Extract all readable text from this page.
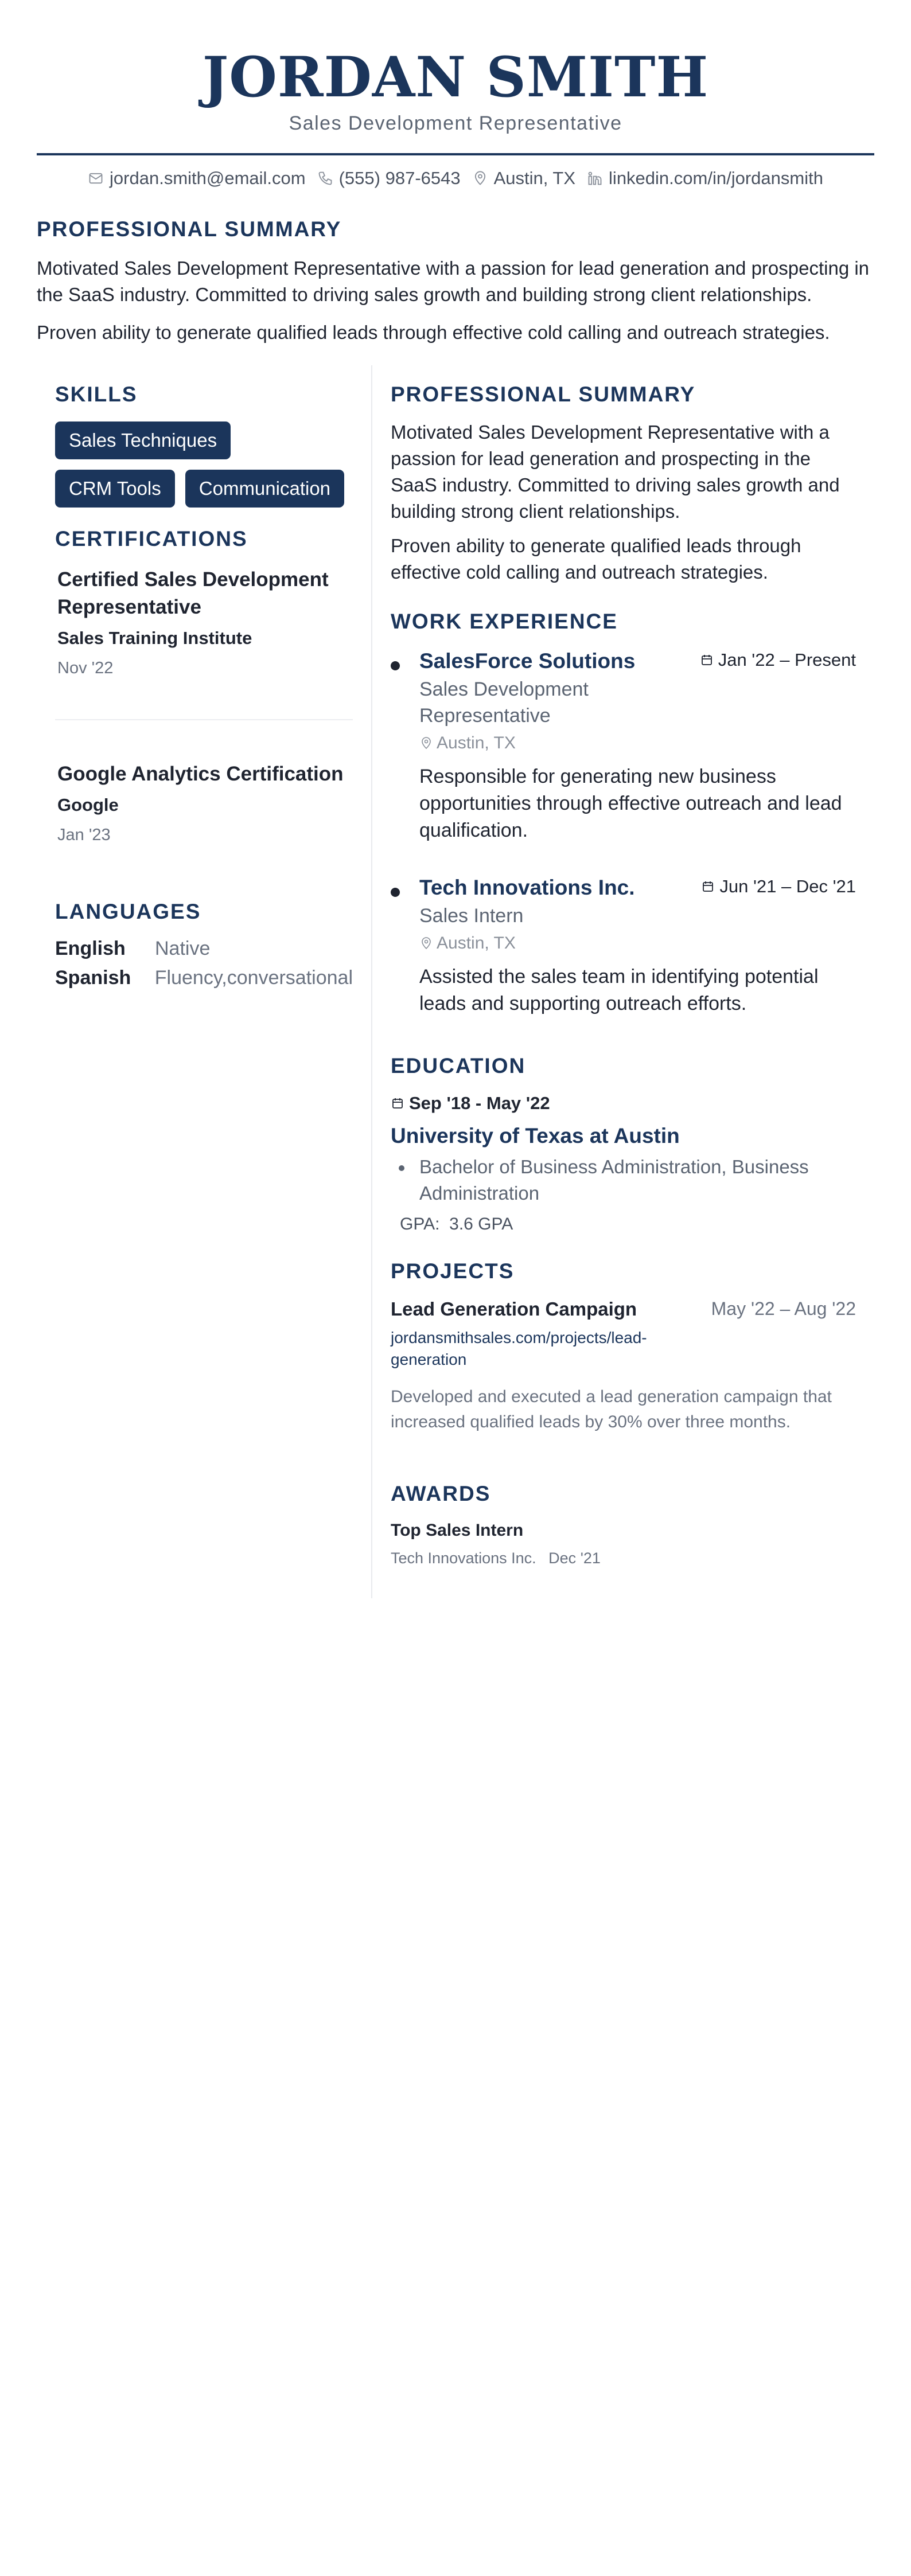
JORDAN SMITH
Sales Development Representative
jordan.smith@email.com (555) 987-6543 Austin, TX linkedin.com/in/jordansmith
PROFESSIONAL SUMMARY

Motivated Sales Development Representative with a passion for lead generation and prospecting in the SaaS industry. Committed to driving sales growth and building strong client relationships.

Proven ability to generate qualified leads through effective cold calling and outreach strategies.

SKILLS
Sales Techniques
CRM Tools	Communication
CERTIFICATIONS
Certified Sales Development Representative
Sales Training Institute
Nov '22
Google Analytics Certification
Google
Jan '23
LANGUAGES
English	Native
Spanish	Fluency,conversational
PROFESSIONAL SUMMARY

Motivated Sales Development Representative with a passion for lead generation and prospecting in the SaaS industry. Committed to driving sales growth and building strong client relationships.

Proven ability to generate qualified leads through effective cold calling and outreach strategies.

WORK EXPERIENCE
SalesForce Solutions	Jan '22 – Present
Sales Development Representative
Austin, TX
Responsible for generating new business opportunities through effective outreach and lead qualification.
Tech Innovations Inc.	Jun '21 – Dec '21
Sales Intern
Austin, TX
Assisted the sales team in identifying potential leads and supporting outreach efforts.
EDUCATION
Sep '18 - May '22
University of Texas at Austin
Bachelor of Business Administration, Business Administration
GPA: 3.6 GPA
PROJECTS
Lead Generation Campaign	May '22 – Aug '22
jordansmithsales.com/projects/lead-generation
Developed and executed a lead generation campaign that increased qualified leads by 30% over three months.
AWARDS
Top Sales Intern
Tech Innovations Inc. Dec '21
